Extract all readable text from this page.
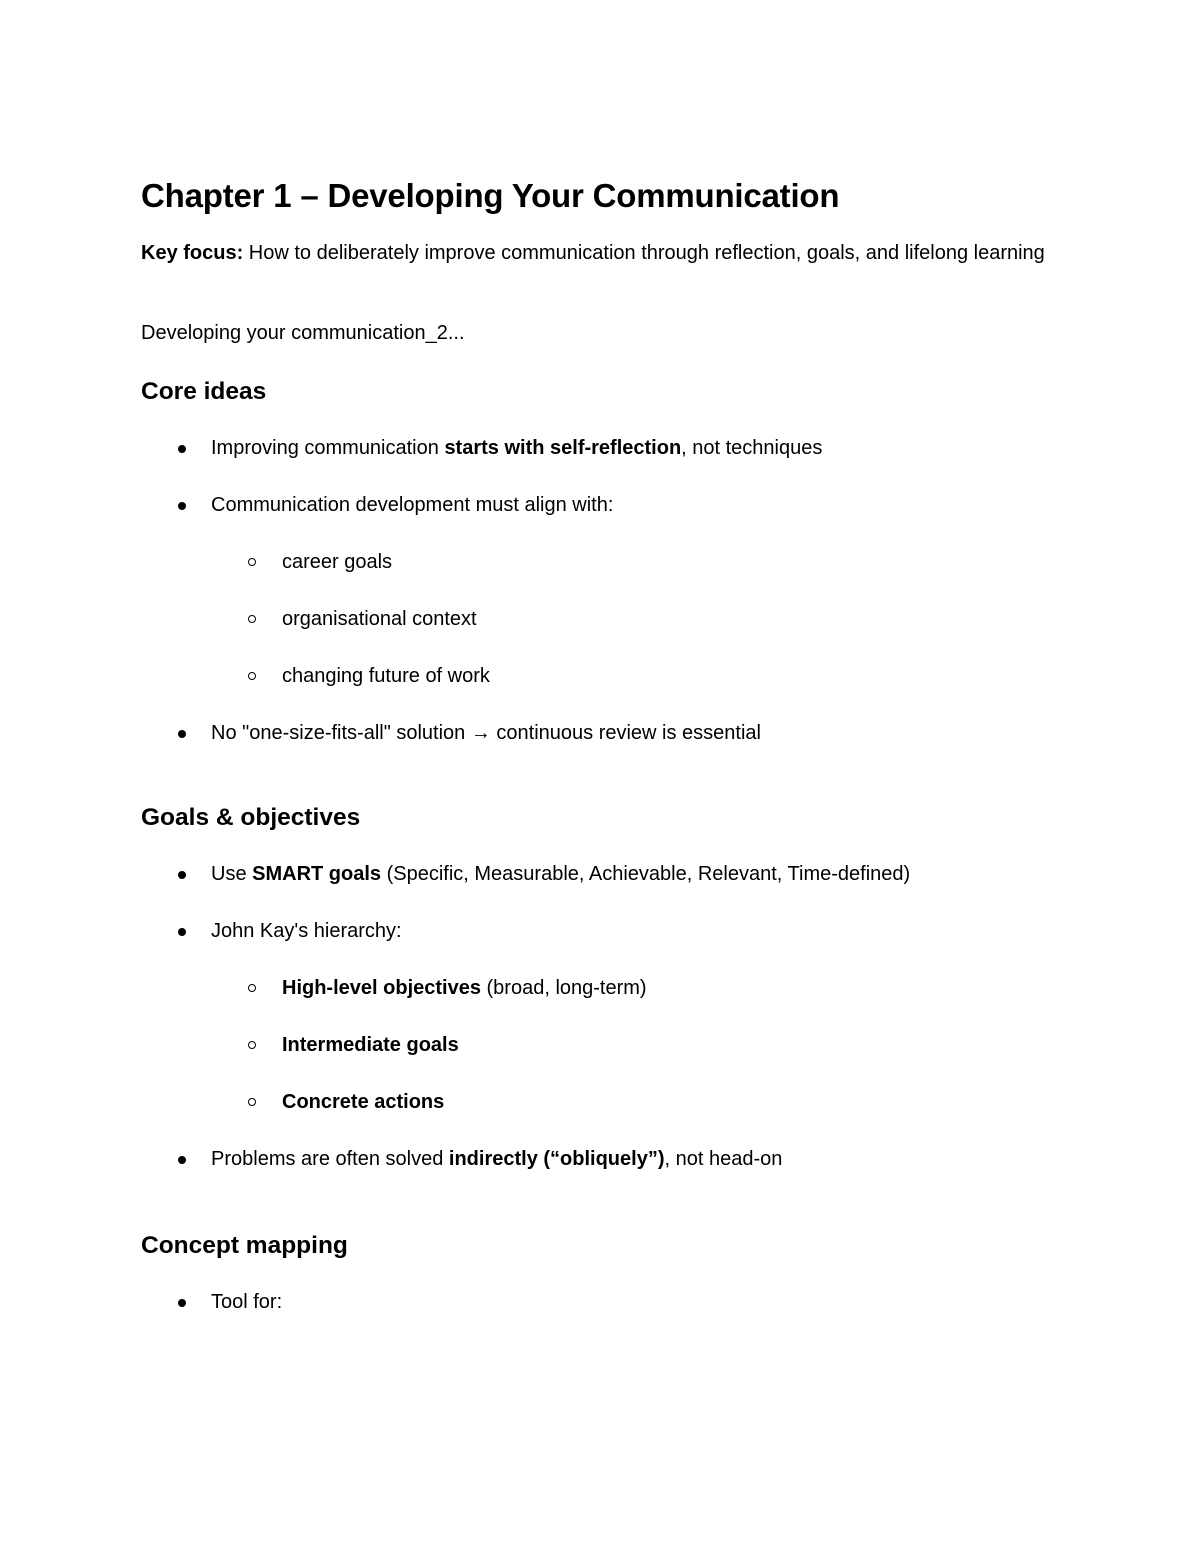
Chapter 1 – Developing Your Communication
Key focus: How to deliberately improve communication through reflection, goals, and lifelong learning
Developing your communication_2...
Core ideas
Improving communication starts with self-reflection, not techniques
Communication development must align with:
career goals
organisational context
changing future of work
No "one-size-fits-all" solution → continuous review is essential
Goals & objectives
Use SMART goals (Specific, Measurable, Achievable, Relevant, Time-defined)
John Kay's hierarchy:
High-level objectives (broad, long-term)
Intermediate goals
Concrete actions
Problems are often solved indirectly (“obliquely”), not head-on
Concept mapping
Tool for:
